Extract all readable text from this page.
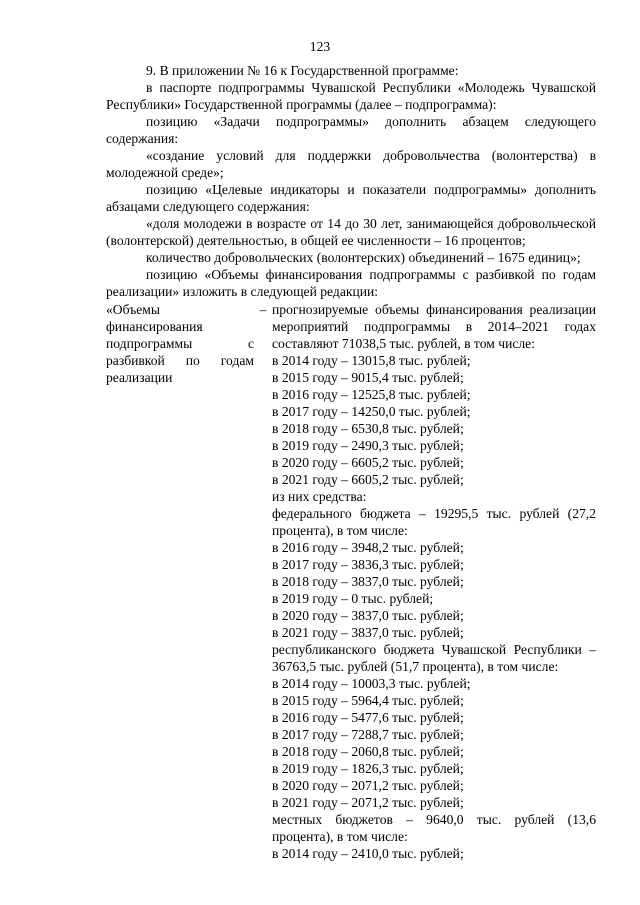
123

9. В приложении № 16 к Государственной программе:

в паспорте подпрограммы Чувашской Республики «Молодежь Чувашской Республики» Государственной программы (далее – подпрограмма):

позицию «Задачи подпрограммы» дополнить абзацем следующего содержания:

«создание условий для поддержки добровольчества (волонтерства) в молодежной среде»;

позицию «Целевые индикаторы и показатели подпрограммы» дополнить абзацами следующего содержания:

«доля молодежи в возрасте от 14 до 30 лет, занимающейся добровольческой (волонтерской) деятельностью, в общей ее численности – 16 процентов;

количество добровольческих (волонтерских) объединений – 1675 единиц»;

позицию «Объемы финансирования подпрограммы с разбивкой по годам реализации» изложить в следующей редакции:

«Объемы финансирования подпрограммы с разбивкой по годам реализации
– прогнозируемые объемы финансирования реализации мероприятий подпрограммы в 2014–2021 годах составляют 71038,5 тыс. рублей, в том числе:
в 2014 году – 13015,8 тыс. рублей;
в 2015 году – 9015,4 тыс. рублей;
в 2016 году – 12525,8 тыс. рублей;
в 2017 году – 14250,0 тыс. рублей;
в 2018 году – 6530,8 тыс. рублей;
в 2019 году – 2490,3 тыс. рублей;
в 2020 году – 6605,2 тыс. рублей;
в 2021 году – 6605,2 тыс. рублей;
из них средства:
федерального бюджета – 19295,5 тыс. рублей (27,2 процента), в том числе:
в 2016 году – 3948,2 тыс. рублей;
в 2017 году – 3836,3 тыс. рублей;
в 2018 году – 3837,0 тыс. рублей;
в 2019 году – 0 тыс. рублей;
в 2020 году – 3837,0 тыс. рублей;
в 2021 году – 3837,0 тыс. рублей;
республиканского бюджета Чувашской Республики – 36763,5 тыс. рублей (51,7 процента), в том числе:
в 2014 году – 10003,3 тыс. рублей;
в 2015 году – 5964,4 тыс. рублей;
в 2016 году – 5477,6 тыс. рублей;
в 2017 году – 7288,7 тыс. рублей;
в 2018 году – 2060,8 тыс. рублей;
в 2019 году – 1826,3 тыс. рублей;
в 2020 году – 2071,2 тыс. рублей;
в 2021 году – 2071,2 тыс. рублей;
местных бюджетов – 9640,0 тыс. рублей (13,6 процента), в том числе:
в 2014 году – 2410,0 тыс. рублей;
